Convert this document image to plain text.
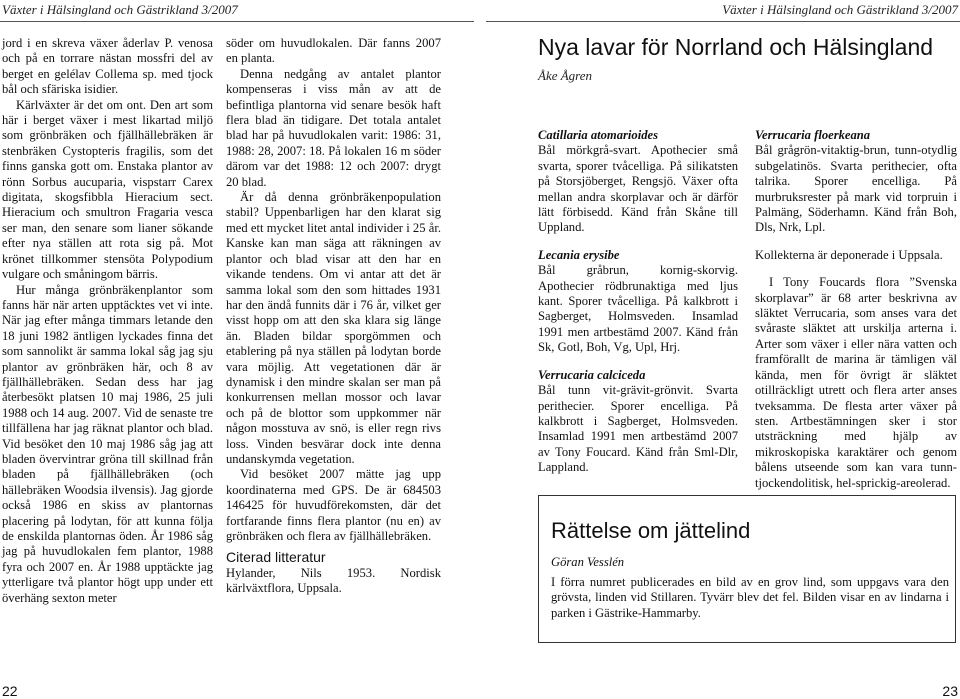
Växter i Hälsingland och Gästrikland 3/2007	Växter i Hälsingland och Gästrikland 3/2007

jord i en skreva växer åderlav P. venosa och på en torrare nästan mossfri del av berget en gelélav Collema sp. med tjock bål och sfäriska isidier.

Kärlväxter är det om ont. Den art som här i berget växer i mest likartad miljö som grönbräken och fjällhällebräken är stenbräken Cystopteris fragilis, som det finns ganska gott om. Enstaka plantor av rönn Sorbus aucuparia, vispstarr Carex digitata, skogsfibbla Hieracium sect. Hieracium och smultron Fragaria vesca ser man, den senare som lianer sökande efter nya ställen att rota sig på. Mot krönet tillkommer stensöta Polypodium vulgare och småningom bärris.

Hur många grönbräkenplantor som fanns här när arten upptäcktes vet vi inte. När jag efter många timmars letande den 18 juni 1982 äntligen lyckades finna det som sannolikt är samma lokal såg jag sju plantor av grönbräken här, och 8 av fjällhällebräken. Sedan dess har jag återbesökt platsen 10 maj 1986, 25 juli 1988 och 14 aug. 2007. Vid de senaste tre tillfällena har jag räknat plantor och blad. Vid besöket den 10 maj 1986 såg jag att bladen övervintrar gröna till skillnad från bladen på fjällhällebräken (och hällebräken Woodsia ilvensis). Jag gjorde också 1986 en skiss av plantornas placering på lodytan, för att kunna följa de enskilda plantornas öden. År 1986 såg jag på huvudlokalen fem plantor, 1988 fyra och 2007 en. År 1988 upptäckte jag ytterligare två plantor högt upp under ett överhäng sexton meter

söder om huvudlokalen. Där fanns 2007 en planta.

Denna nedgång av antalet plantor kompenseras i viss mån av att de befintliga plantorna vid senare besök haft flera blad än tidigare. Det totala antalet blad har på huvudlokalen varit: 1986: 31, 1988: 28, 2007: 18. På lokalen 16 m söder därom var det 1988: 12 och 2007: drygt 20 blad.

Är då denna grönbräkenpopulation stabil? Uppenbarligen har den klarat sig med ett mycket litet antal individer i 25 år. Kanske kan man säga att räkningen av plantor och blad visar att den har en vikande tendens. Om vi antar att det är samma lokal som den som hittades 1931 har den ändå funnits där i 76 år, vilket ger visst hopp om att den ska klara sig länge än. Bladen bildar sporgömmen och etablering på nya ställen på lodytan borde vara möjlig. Att vegetationen där är dynamisk i den mindre skalan ser man på konkurrensen mellan mossor och lavar och på de blottor som uppkommer när någon mosstuva av snö, is eller regn rivs loss. Vinden besvärar dock inte denna undanskymda vegetation.

Vid besöket 2007 mätte jag upp koordinaterna med GPS. De är 684503 146425 för huvudförekomsten, där det fortfarande finns flera plantor (nu en) av grönbräken och flera av fjällhällebräken.

Citerad litteratur

Hylander, Nils 1953. Nordisk kärlväxtflora, Uppsala.

Nya lavar för Norrland och Hälsingland
Åke Ågren
Catillaria atomarioides

Bål mörkgrå-svart. Apothecier små svarta, sporer tvåcelliga. På silikatsten på Storsjöberget, Rengsjö. Växer ofta mellan andra skorplavar och är därför lätt förbisedd. Känd från Skåne till Uppland.

Lecania erysibe

Bål gråbrun, kornig-skorvig. Apothecier rödbrunaktiga med ljus kant. Sporer tvåcelliga. På kalkbrott i Sagberget, Holmsveden. Insamlad 1991 men artbestämd 2007. Känd från Sk, Gotl, Boh, Vg, Upl, Hrj.

Verrucaria calciceda

Bål tunn vit-grävit-grönvit. Svarta perithecier. Sporer encelliga. På kalkbrott i Sagberget, Holmsveden. Insamlad 1991 men artbestämd 2007 av Tony Foucard. Känd från Sml-Dlr, Lappland.

Verrucaria floerkeana

Bål grågrön-vitaktig-brun, tunn-otydlig subgelatinös. Svarta perithecier, ofta talrika. Sporer encelliga. På murbruksrester på mark vid torpruin i Palmäng, Söderhamn. Känd från Boh, Dls, Nrk, Lpl.

Kollekterna är deponerade i Uppsala.

I Tony Foucards flora ”Svenska skorplavar” är 68 arter beskrivna av släktet Verrucaria, som anses vara det svåraste släktet att urskilja arterna i. Arter som växer i eller nära vatten och framförallt de marina är tämligen väl kända, men för övrigt är släktet otillräckligt utrett och flera arter anses tveksamma. De flesta arter växer på sten. Artbestämningen sker i stor utsträckning med hjälp av mikroskopiska karaktärer och genom bålens utseende som kan vara tunn-tjockendolitisk, hel-sprickig-areolerad.

Rättelse om jättelind
Göran Vesslén
I förra numret publicerades en bild av en grov lind, som uppgavs vara den grövsta, linden vid Stillaren. Tyvärr blev det fel. Bilden visar en av lindarna i parken i Gästrike-Hammarby.
22	23
